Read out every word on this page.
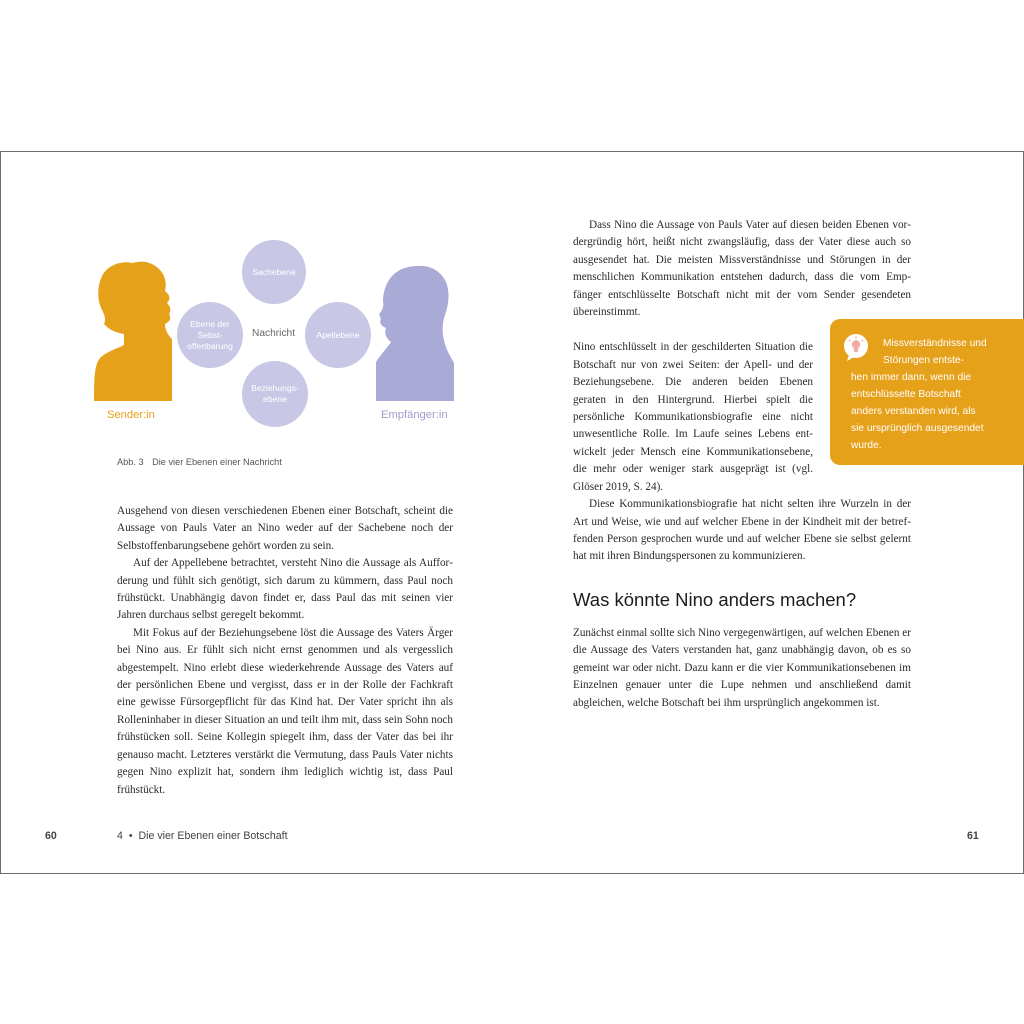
Sachebene
Ebene der
Sebst-
offenbarung
Apellebene
Beziehungs-
ebene
Nachricht
Sender:in	Empfänger:in
Abb. 3 Die vier Ebenen einer Nachricht

Ausgehend von diesen verschiedenen Ebenen einer Botschaft, scheint die Aussage von Pauls Vater an Nino weder auf der Sachebene noch der Selbstoffenbarungsebene gehört worden zu sein.

Auf der Appellebene betrachtet, versteht Nino die Aussage als Aufforderung und fühlt sich genötigt, sich darum zu kümmern, dass Paul noch frühstückt. Unabhängig davon findet er, dass Paul das mit seinen vier Jahren durchaus selbst geregelt bekommt.

Mit Fokus auf der Beziehungsebene löst die Aussage des Vaters Ärger bei Nino aus. Er fühlt sich nicht ernst genommen und als vergesslich abgestempelt. Nino erlebt diese wiederkehrende Aussage des Vaters auf der persönlichen Ebene und vergisst, dass er in der Rolle der Fachkraft eine gewisse Fürsorgepflicht für das Kind hat. Der Vater spricht ihn als Rolleninhaber in dieser Situation an und teilt ihm mit, dass sein Sohn noch frühstücken soll. Seine Kollegin spiegelt ihm, dass der Vater das bei ihr genauso macht. Letzteres verstärkt die Vermutung, dass Pauls Vater nichts gegen Nino explizit hat, sondern ihm lediglich wichtig ist, dass Paul frühstückt.

Dass Nino die Aussage von Pauls Vater auf diesen beiden Ebenen vordergründig hört, heißt nicht zwangsläufig, dass der Vater diese auch so ausgesendet hat. Die meisten Missverständnisse und Störungen in der menschlichen Kommunikation entstehen dadurch, dass die vom Empfänger entschlüsselte Botschaft nicht mit der vom Sender gesendeten übereinstimmt.

Nino entschlüsselt in der geschilderten Situation die Botschaft nur von zwei Seiten: der Apell- und der Beziehungsebene. Die anderen beiden Ebenen geraten in den Hintergrund. Hierbei spielt die persönliche Kommunikationsbiografie eine nicht unwesentliche Rolle. Im Laufe seines Lebens entwickelt jeder Mensch eine Kommunikationsebene, die mehr oder weniger stark ausgeprägt ist (vgl. Glöser 2019, S. 24).

Diese Kommunikationsbiografie hat nicht selten ihre Wurzeln in der Art und Weise, wie und auf welcher Ebene in der Kindheit mit der betreffenden Person gesprochen wurde und auf welcher Ebene sie selbst gelernt hat mit ihren Bindungspersonen zu kommunizieren.

Was könnte Nino anders machen?

Zunächst einmal sollte sich Nino vergegenwärtigen, auf welchen Ebenen er die Aussage des Vaters verstanden hat, ganz unabhängig davon, ob es so gemeint war oder nicht. Dazu kann er die vier Kommunikationsebenen im Einzelnen genauer unter die Lupe nehmen und anschließend damit abgleichen, welche Botschaft bei ihm ursprünglich angekommen ist.

Missverständnisse und
Störungen entste-
hen immer dann, wenn die
entschlüsselte Botschaft
anders verstanden wird, als
sie ursprünglich ausgesendet
wurde.
60	4 • Die vier Ebenen einer Botschaft	61
